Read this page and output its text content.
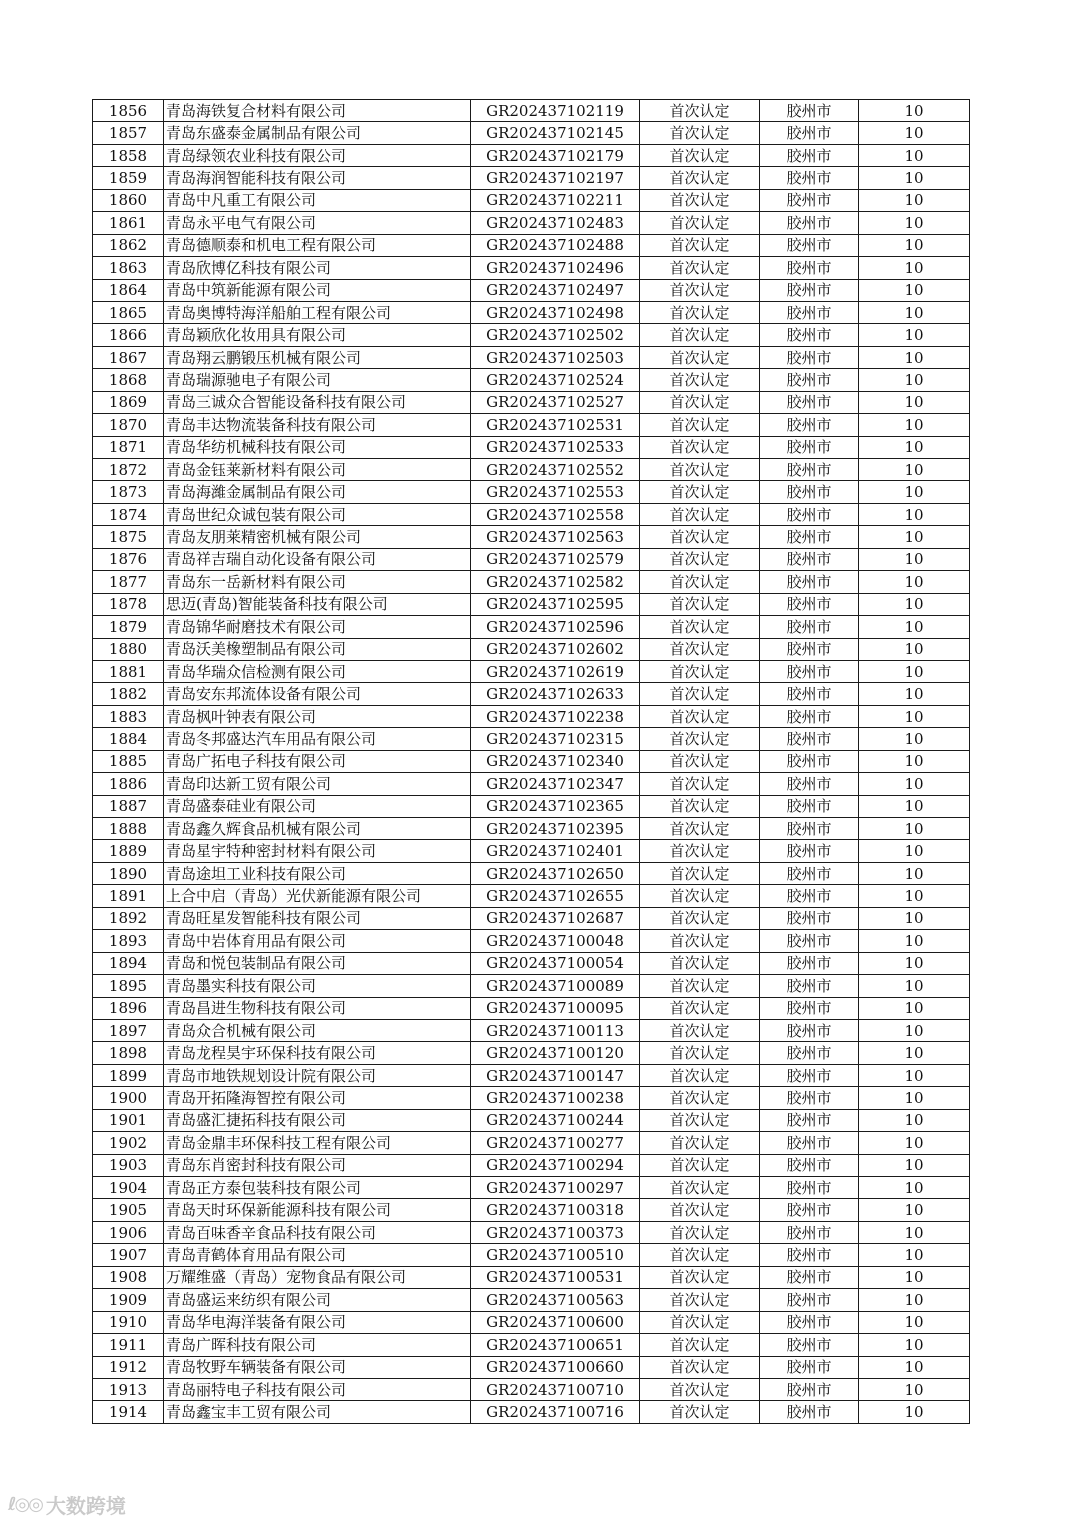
1856	青岛海铁复合材料有限公司	GR202437102119	首次认定	胶州市	10
1857	青岛东盛泰金属制品有限公司	GR202437102145	首次认定	胶州市	10
1858	青岛绿领农业科技有限公司	GR202437102179	首次认定	胶州市	10
1859	青岛海润智能科技有限公司	GR202437102197	首次认定	胶州市	10
1860	青岛中凡重工有限公司	GR202437102211	首次认定	胶州市	10
1861	青岛永平电气有限公司	GR202437102483	首次认定	胶州市	10
1862	青岛德顺泰和机电工程有限公司	GR202437102488	首次认定	胶州市	10
1863	青岛欣博亿科技有限公司	GR202437102496	首次认定	胶州市	10
1864	青岛中筑新能源有限公司	GR202437102497	首次认定	胶州市	10
1865	青岛奥博特海洋船舶工程有限公司	GR202437102498	首次认定	胶州市	10
1866	青岛颖欣化妆用具有限公司	GR202437102502	首次认定	胶州市	10
1867	青岛翔云鹏锻压机械有限公司	GR202437102503	首次认定	胶州市	10
1868	青岛瑞源驰电子有限公司	GR202437102524	首次认定	胶州市	10
1869	青岛三诚众合智能设备科技有限公司	GR202437102527	首次认定	胶州市	10
1870	青岛丰达物流装备科技有限公司	GR202437102531	首次认定	胶州市	10
1871	青岛华纺机械科技有限公司	GR202437102533	首次认定	胶州市	10
1872	青岛金钰莱新材料有限公司	GR202437102552	首次认定	胶州市	10
1873	青岛海濰金属制品有限公司	GR202437102553	首次认定	胶州市	10
1874	青岛世纪众诚包装有限公司	GR202437102558	首次认定	胶州市	10
1875	青岛友朋莱精密机械有限公司	GR202437102563	首次认定	胶州市	10
1876	青岛祥吉瑞自动化设备有限公司	GR202437102579	首次认定	胶州市	10
1877	青岛东一岳新材料有限公司	GR202437102582	首次认定	胶州市	10
1878	思迈(青岛)智能装备科技有限公司	GR202437102595	首次认定	胶州市	10
1879	青岛锦华耐磨技术有限公司	GR202437102596	首次认定	胶州市	10
1880	青岛沃美橡塑制品有限公司	GR202437102602	首次认定	胶州市	10
1881	青岛华瑞众信检测有限公司	GR202437102619	首次认定	胶州市	10
1882	青岛安东邦流体设备有限公司	GR202437102633	首次认定	胶州市	10
1883	青岛枫叶钟表有限公司	GR202437102238	首次认定	胶州市	10
1884	青岛冬邦盛达汽车用品有限公司	GR202437102315	首次认定	胶州市	10
1885	青岛广拓电子科技有限公司	GR202437102340	首次认定	胶州市	10
1886	青岛印达新工贸有限公司	GR202437102347	首次认定	胶州市	10
1887	青岛盛泰硅业有限公司	GR202437102365	首次认定	胶州市	10
1888	青岛鑫久辉食品机械有限公司	GR202437102395	首次认定	胶州市	10
1889	青岛星宇特种密封材料有限公司	GR202437102401	首次认定	胶州市	10
1890	青岛途坦工业科技有限公司	GR202437102650	首次认定	胶州市	10
1891	上合中启（青岛）光伏新能源有限公司	GR202437102655	首次认定	胶州市	10
1892	青岛旺星发智能科技有限公司	GR202437102687	首次认定	胶州市	10
1893	青岛中岩体育用品有限公司	GR202437100048	首次认定	胶州市	10
1894	青岛和悦包装制品有限公司	GR202437100054	首次认定	胶州市	10
1895	青岛墨实科技有限公司	GR202437100089	首次认定	胶州市	10
1896	青岛昌进生物科技有限公司	GR202437100095	首次认定	胶州市	10
1897	青岛众合机械有限公司	GR202437100113	首次认定	胶州市	10
1898	青岛龙程昊宇环保科技有限公司	GR202437100120	首次认定	胶州市	10
1899	青岛市地铁规划设计院有限公司	GR202437100147	首次认定	胶州市	10
1900	青岛开拓隆海智控有限公司	GR202437100238	首次认定	胶州市	10
1901	青岛盛汇捷拓科技有限公司	GR202437100244	首次认定	胶州市	10
1902	青岛金鼎丰环保科技工程有限公司	GR202437100277	首次认定	胶州市	10
1903	青岛东肖密封科技有限公司	GR202437100294	首次认定	胶州市	10
1904	青岛正方泰包装科技有限公司	GR202437100297	首次认定	胶州市	10
1905	青岛天时环保新能源科技有限公司	GR202437100318	首次认定	胶州市	10
1906	青岛百味香辛食品科技有限公司	GR202437100373	首次认定	胶州市	10
1907	青岛青鹤体育用品有限公司	GR202437100510	首次认定	胶州市	10
1908	万耀维盛（青岛）宠物食品有限公司	GR202437100531	首次认定	胶州市	10
1909	青岛盛运来纺织有限公司	GR202437100563	首次认定	胶州市	10
1910	青岛华电海洋装备有限公司	GR202437100600	首次认定	胶州市	10
1911	青岛广晖科技有限公司	GR202437100651	首次认定	胶州市	10
1912	青岛牧野车辆装备有限公司	GR202437100660	首次认定	胶州市	10
1913	青岛丽特电子科技有限公司	GR202437100710	首次认定	胶州市	10
1914	青岛鑫宝丰工贸有限公司	GR202437100716	首次认定	胶州市	10
ℓ◎◎ 大数跨境
